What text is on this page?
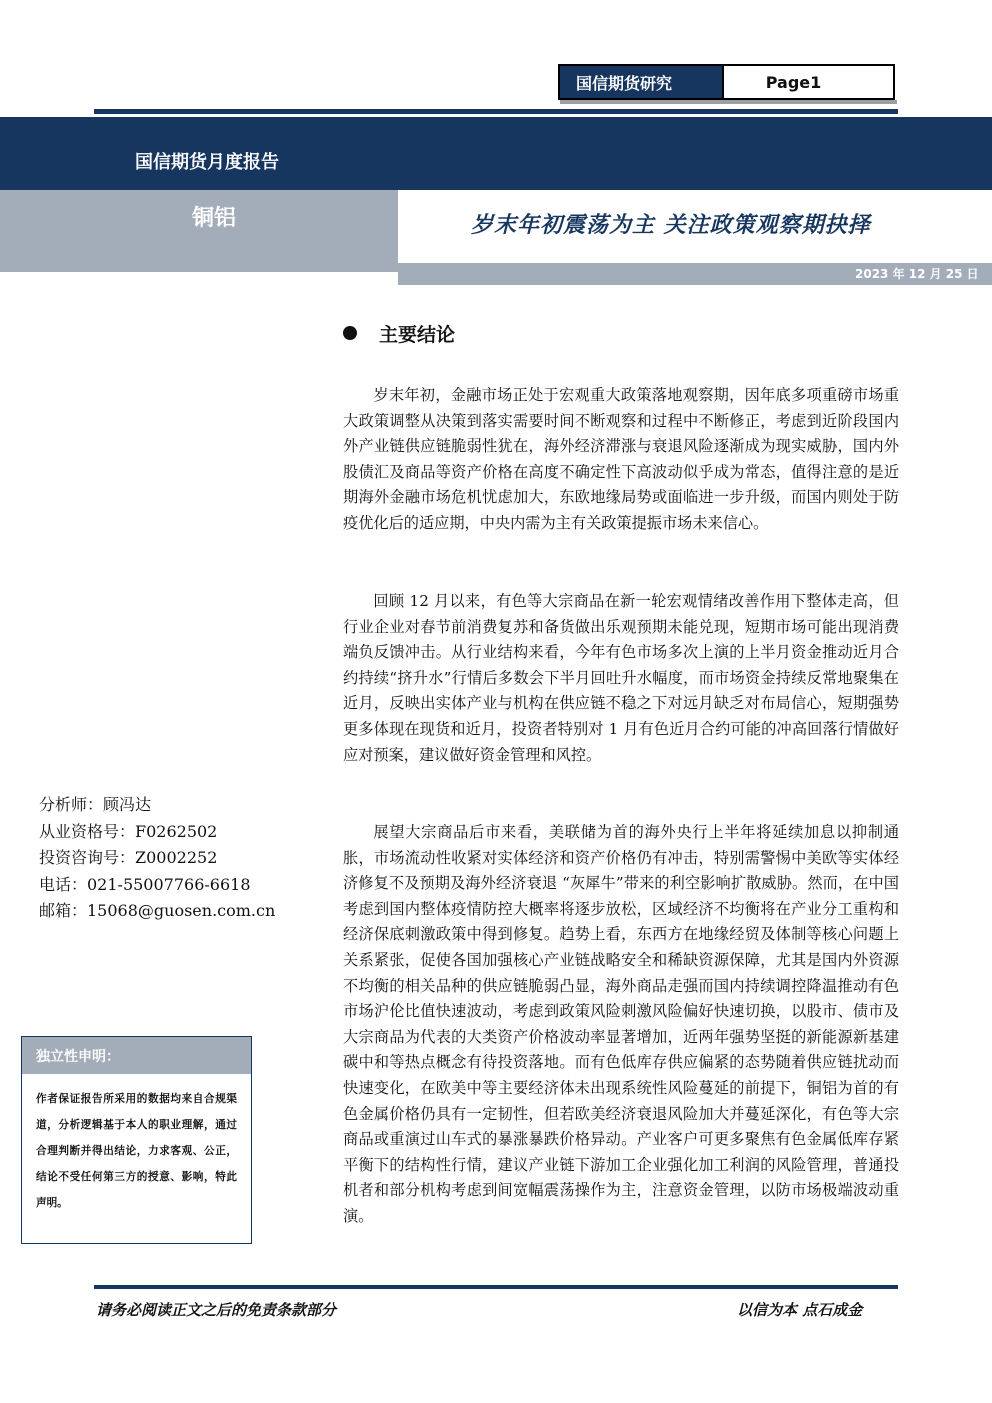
国信期货研究	Page1
国信期货月度报告
铜铝	岁末年初震荡为主 关注政策观察期抉择
2023 年 12 月 25 日
主要结论

岁末年初，金融市场正处于宏观重大政策落地观察期，因年底多项重磅市场重大政策调整从决策到落实需要时间不断观察和过程中不断修正，考虑到近阶段国内外产业链供应链脆弱性犹在，海外经济滞涨与衰退风险逐渐成为现实威胁，国内外股债汇及商品等资产价格在高度不确定性下高波动似乎成为常态，值得注意的是近期海外金融市场危机忧虑加大，东欧地缘局势或面临进一步升级，而国内则处于防疫优化后的适应期，中央内需为主有关政策提振市场未来信心。

回顾 12 月以来，有色等大宗商品在新一轮宏观情绪改善作用下整体走高，但行业企业对春节前消费复苏和备货做出乐观预期未能兑现，短期市场可能出现消费端负反馈冲击。从行业结构来看，今年有色市场多次上演的上半月资金推动近月合约持续“挤升水”行情后多数会下半月回吐升水幅度，而市场资金持续反常地聚集在近月，反映出实体产业与机构在供应链不稳之下对远月缺乏对布局信心，短期强势更多体现在现货和近月，投资者特别对 1 月有色近月合约可能的冲高回落行情做好应对预案，建议做好资金管理和风控。

展望大宗商品后市来看，美联储为首的海外央行上半年将延续加息以抑制通胀，市场流动性收紧对实体经济和资产价格仍有冲击，特别需警惕中美欧等实体经济修复不及预期及海外经济衰退 “灰犀牛”带来的利空影响扩散威胁。然而，在中国考虑到国内整体疫情防控大概率将逐步放松，区域经济不均衡将在产业分工重构和经济保底刺激政策中得到修复。趋势上看，东西方在地缘经贸及体制等核心问题上关系紧张，促使各国加强核心产业链战略安全和稀缺资源保障，尤其是国内外资源不均衡的相关品种的供应链脆弱凸显，海外商品走强而国内持续调控降温推动有色市场沪伦比值快速波动，考虑到政策风险刺激风险偏好快速切换，以股市、债市及大宗商品为代表的大类资产价格波动率显著增加，近两年强势坚挺的新能源新基建碳中和等热点概念有待投资落地。而有色低库存供应偏紧的态势随着供应链扰动而快速变化，在欧美中等主要经济体未出现系统性风险蔓延的前提下，铜铝为首的有色金属价格仍具有一定韧性，但若欧美经济衰退风险加大并蔓延深化，有色等大宗商品或重演过山车式的暴涨暴跌价格异动。产业客户可更多聚焦有色金属低库存紧平衡下的结构性行情，建议产业链下游加工企业强化加工利润的风险管理，普通投机者和部分机构考虑到间宽幅震荡操作为主，注意资金管理，以防市场极端波动重演。

分析师：顾冯达
从业资格号：F0262502
投资咨询号：Z0002252
电话：021-55007766-6618
邮箱：15068@guosen.com.cn
独立性申明：
作者保证报告所采用的数据均来自合规渠道，分析逻辑基于本人的职业理解，通过合理判断并得出结论，力求客观、公正，结论不受任何第三方的授意、影响，特此声明。
请务必阅读正文之后的免责条款部分	以信为本 点石成金
